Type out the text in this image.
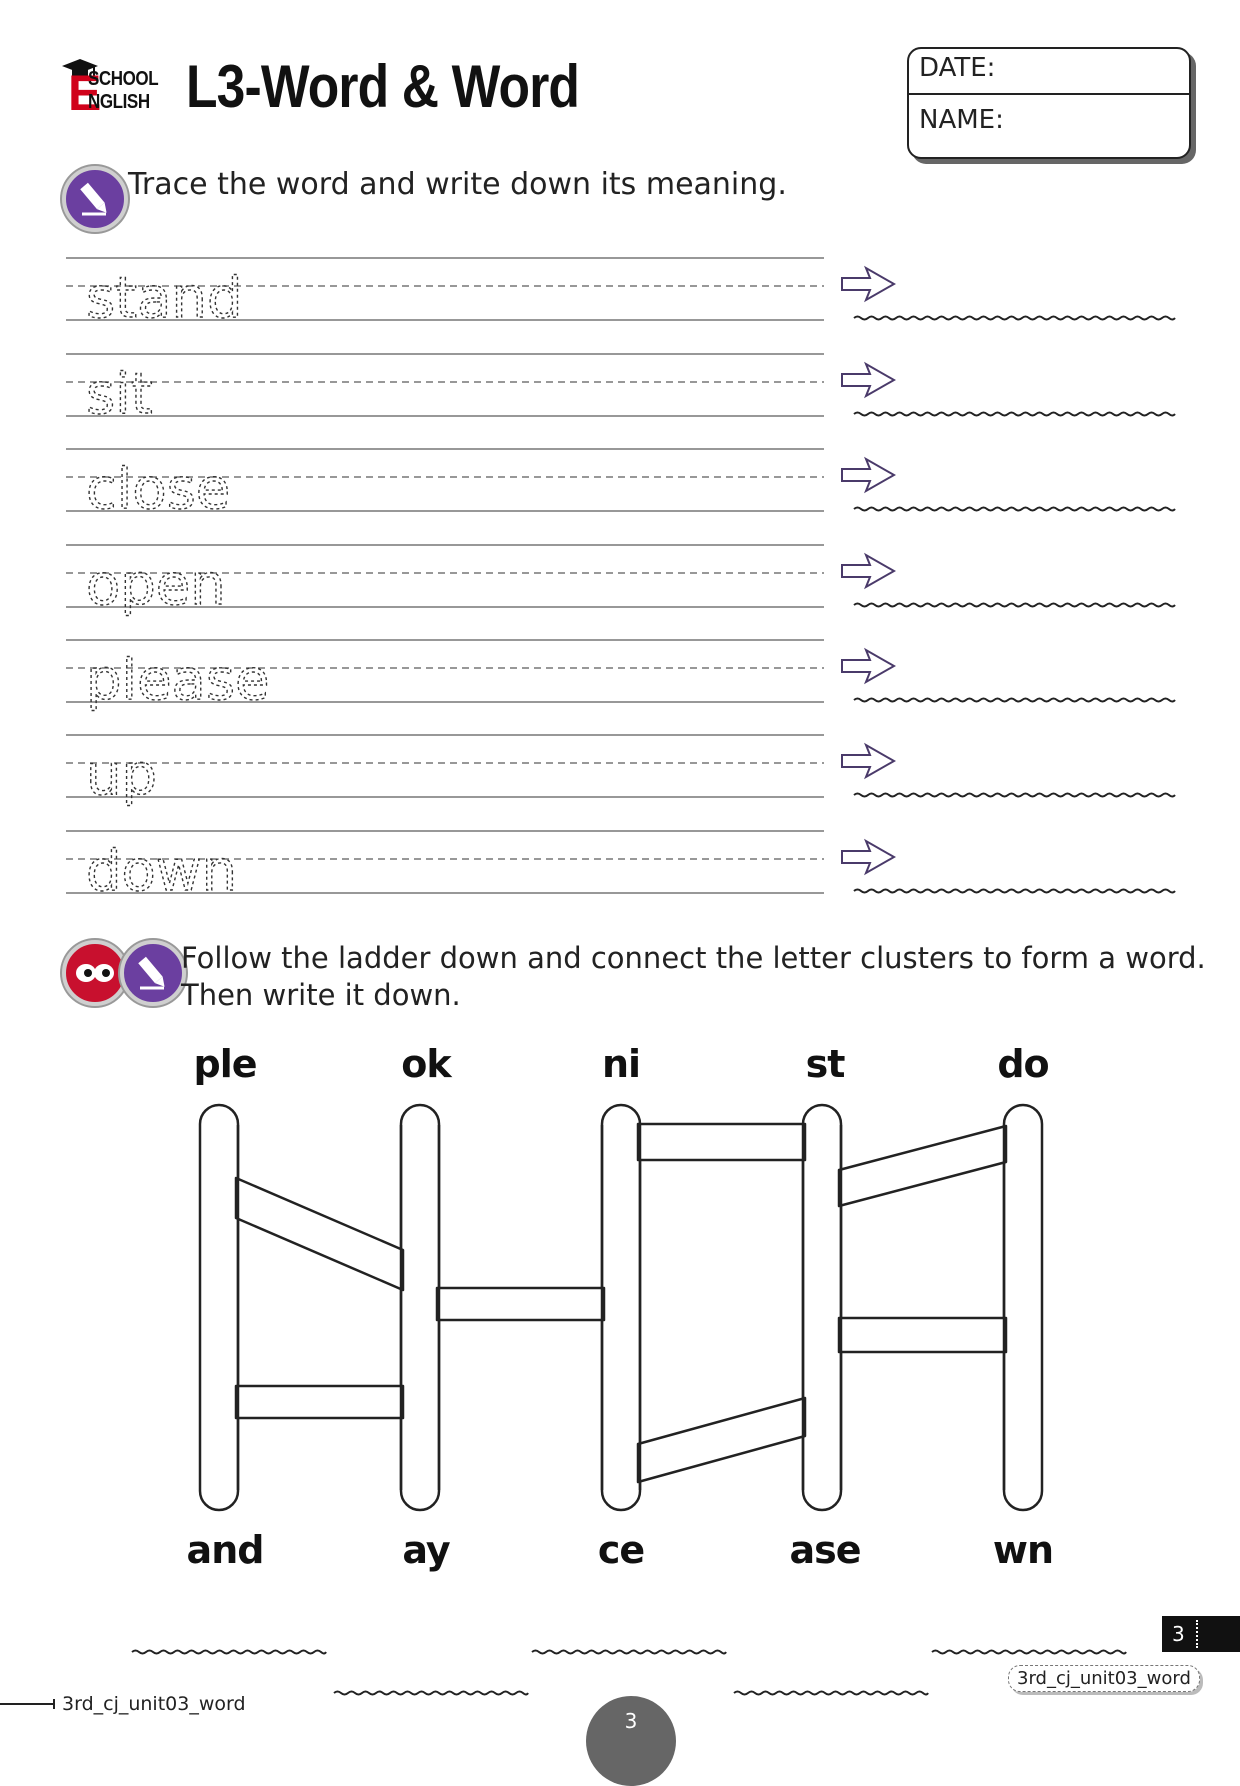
E
SCHOOL
NGLISH L3-Word & Word	DATE:
NAME:
Trace the word and write down its meaning.
stand
sit
close
open
please
up
down
Follow the ladder down and connect the letter clusters to form a word.
Then write it down.
ple	ok	ni	st	do
and	ay	ce	ase	wn
3rd_cj_unit03_word
3rd_cj_unit03_word
3
3
